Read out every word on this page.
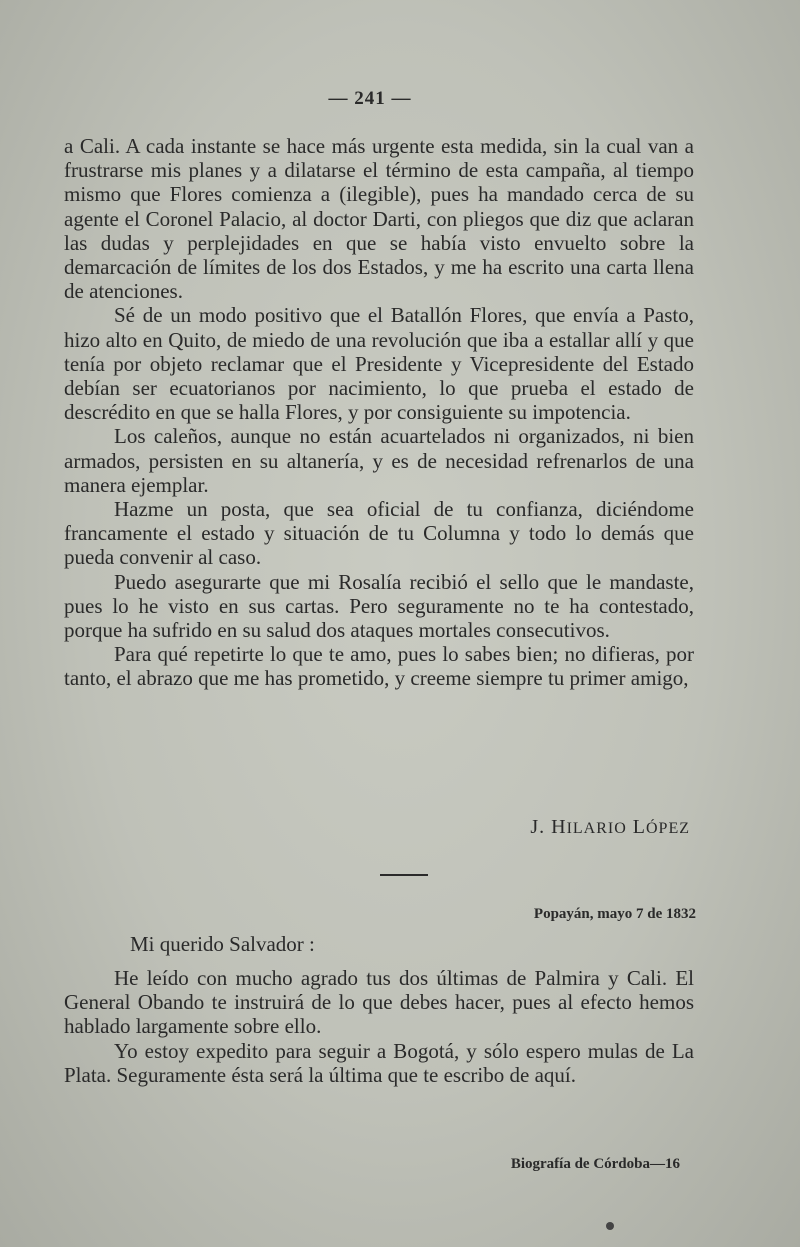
— 241 —

a Cali. A cada instante se hace más urgente esta medida, sin la cual van a frustrarse mis planes y a dilatarse el término de esta campaña, al tiempo mismo que Flores comienza a (ilegible), pues ha mandado cerca de su agente el Coronel Palacio, al doctor Darti, con pliegos que diz que aclaran las dudas y perplejidades en que se había visto envuelto sobre la demarcación de límites de los dos Estados, y me ha escrito una carta llena de atenciones.

Sé de un modo positivo que el Batallón Flores, que envía a Pasto, hizo alto en Quito, de miedo de una revolución que iba a estallar allí y que tenía por objeto reclamar que el Presidente y Vicepresidente del Estado debían ser ecuatorianos por nacimiento, lo que prueba el estado de descrédito en que se halla Flores, y por consiguiente su impotencia.

Los caleños, aunque no están acuartelados ni organizados, ni bien armados, persisten en su altanería, y es de necesidad refrenarlos de una manera ejemplar.

Hazme un posta, que sea oficial de tu confianza, diciéndome francamente el estado y situación de tu Columna y todo lo demás que pueda convenir al caso.

Puedo asegurarte que mi Rosalía recibió el sello que le mandaste, pues lo he visto en sus cartas. Pero seguramente no te ha contestado, porque ha sufrido en su salud dos ataques mortales consecutivos.

Para qué repetirte lo que te amo, pues lo sabes bien; no difieras, por tanto, el abrazo que me has prometido, y creeme siempre tu primer amigo,

J. HILARIO LÓPEZ
Popayán, mayo 7 de 1832
Mi querido Salvador :

He leído con mucho agrado tus dos últimas de Palmira y Cali. El General Obando te instruirá de lo que debes hacer, pues al efecto hemos hablado largamente sobre ello.

Yo estoy expedito para seguir a Bogotá, y sólo espero mulas de La Plata. Seguramente ésta será la última que te escribo de aquí.

Biografía de Córdoba—16
